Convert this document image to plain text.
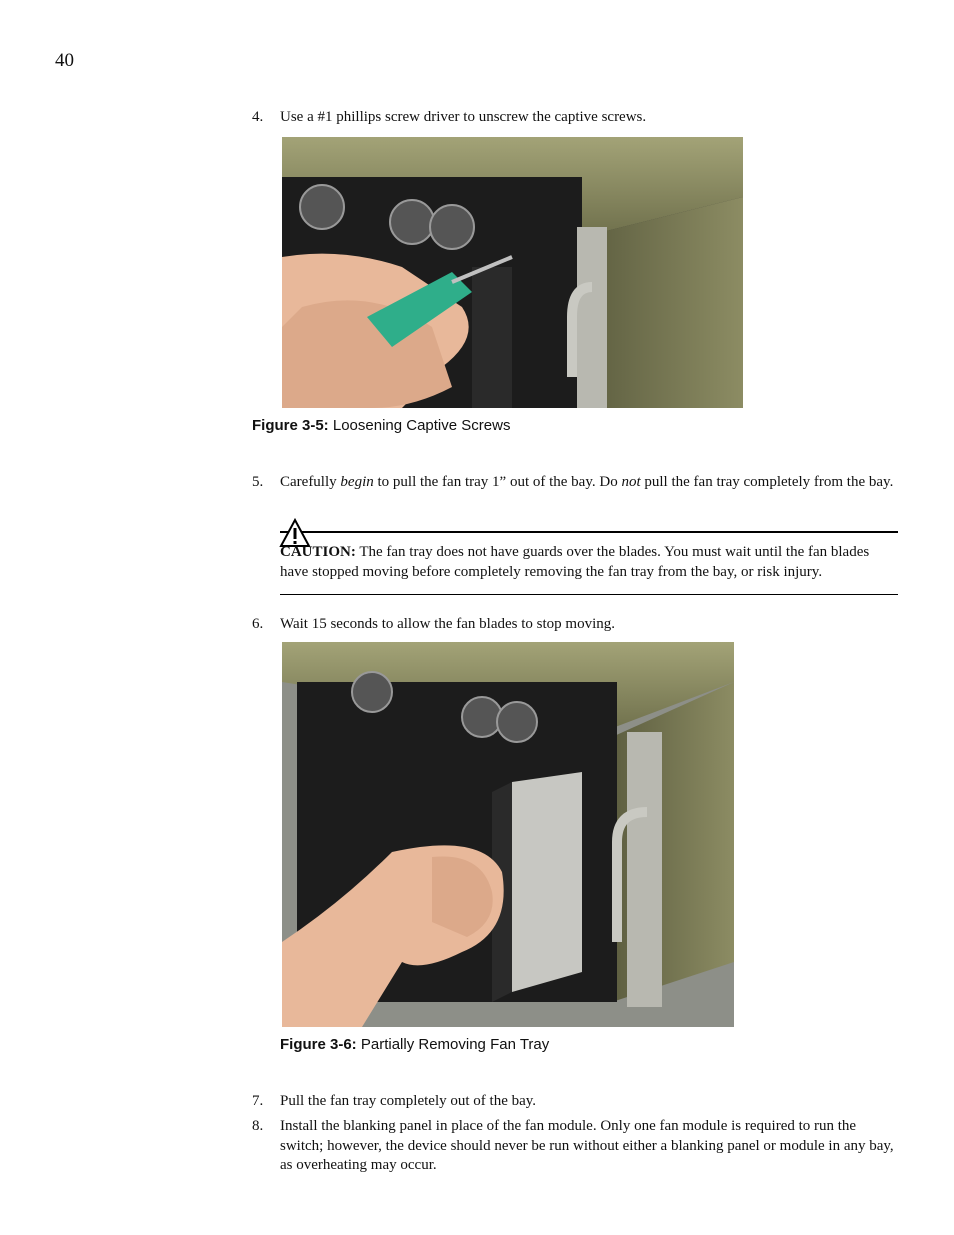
40
4. Use a #1 phillips screw driver to unscrew the captive screws.
Figure 3-5: Loosening Captive Screws
5. Carefully begin to pull the fan tray 1” out of the bay. Do not pull the fan tray completely from the bay.
CAUTION: The fan tray does not have guards over the blades. You must wait until the fan blades have stopped moving before completely removing the fan tray from the bay, or risk injury.
6. Wait 15 seconds to allow the fan blades to stop moving.
Figure 3-6: Partially Removing Fan Tray
7. Pull the fan tray completely out of the bay.
8. Install the blanking panel in place of the fan module. Only one fan module is required to run the switch; however, the device should never be run without either a blanking panel or module in any bay, as overheating may occur.
